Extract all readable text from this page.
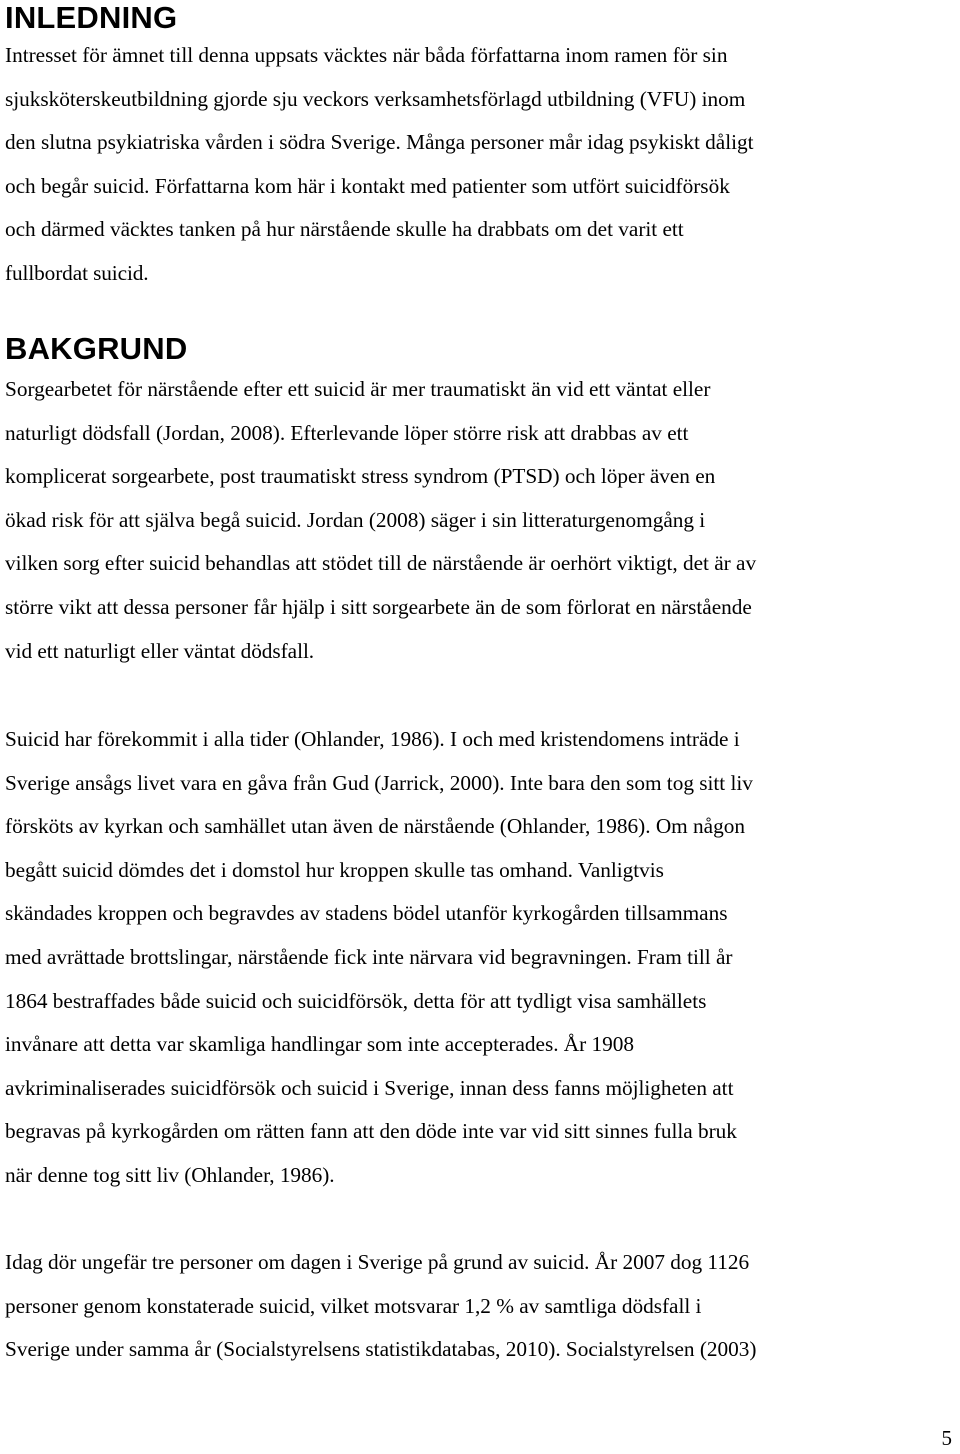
INLEDNING

Intresset för ämnet till denna uppsats väcktes när båda författarna inom ramen för sin
sjuksköterskeutbildning gjorde sju veckors verksamhetsförlagd utbildning (VFU) inom
den slutna psykiatriska vården i södra Sverige. Många personer mår idag psykiskt dåligt
och begår suicid. Författarna kom här i kontakt med patienter som utfört suicidförsök
och därmed väcktes tanken på hur närstående skulle ha drabbats om det varit ett
fullbordat suicid.

BAKGRUND

Sorgearbetet för närstående efter ett suicid är mer traumatiskt än vid ett väntat eller
naturligt dödsfall (Jordan, 2008). Efterlevande löper större risk att drabbas av ett
komplicerat sorgearbete, post traumatiskt stress syndrom (PTSD) och löper även en
ökad risk för att själva begå suicid. Jordan (2008) säger i sin litteraturgenomgång i
vilken sorg efter suicid behandlas att stödet till de närstående är oerhört viktigt, det är av
större vikt att dessa personer får hjälp i sitt sorgearbete än de som förlorat en närstående
vid ett naturligt eller väntat dödsfall.

Suicid har förekommit i alla tider (Ohlander, 1986). I och med kristendomens inträde i
Sverige ansågs livet vara en gåva från Gud (Jarrick, 2000). Inte bara den som tog sitt liv
försköts av kyrkan och samhället utan även de närstående (Ohlander, 1986). Om någon
begått suicid dömdes det i domstol hur kroppen skulle tas omhand. Vanligtvis
skändades kroppen och begravdes av stadens bödel utanför kyrkogården tillsammans
med avrättade brottslingar, närstående fick inte närvara vid begravningen. Fram till år
1864 bestraffades både suicid och suicidförsök, detta för att tydligt visa samhällets
invånare att detta var skamliga handlingar som inte accepterades. År 1908
avkriminaliserades suicidförsök och suicid i Sverige, innan dess fanns möjligheten att
begravas på kyrkogården om rätten fann att den döde inte var vid sitt sinnes fulla bruk
när denne tog sitt liv (Ohlander, 1986).

Idag dör ungefär tre personer om dagen i Sverige på grund av suicid. År 2007 dog 1126
personer genom konstaterade suicid, vilket motsvarar 1,2 % av samtliga dödsfall i
Sverige under samma år (Socialstyrelsens statistikdatabas, 2010). Socialstyrelsen (2003)

5
